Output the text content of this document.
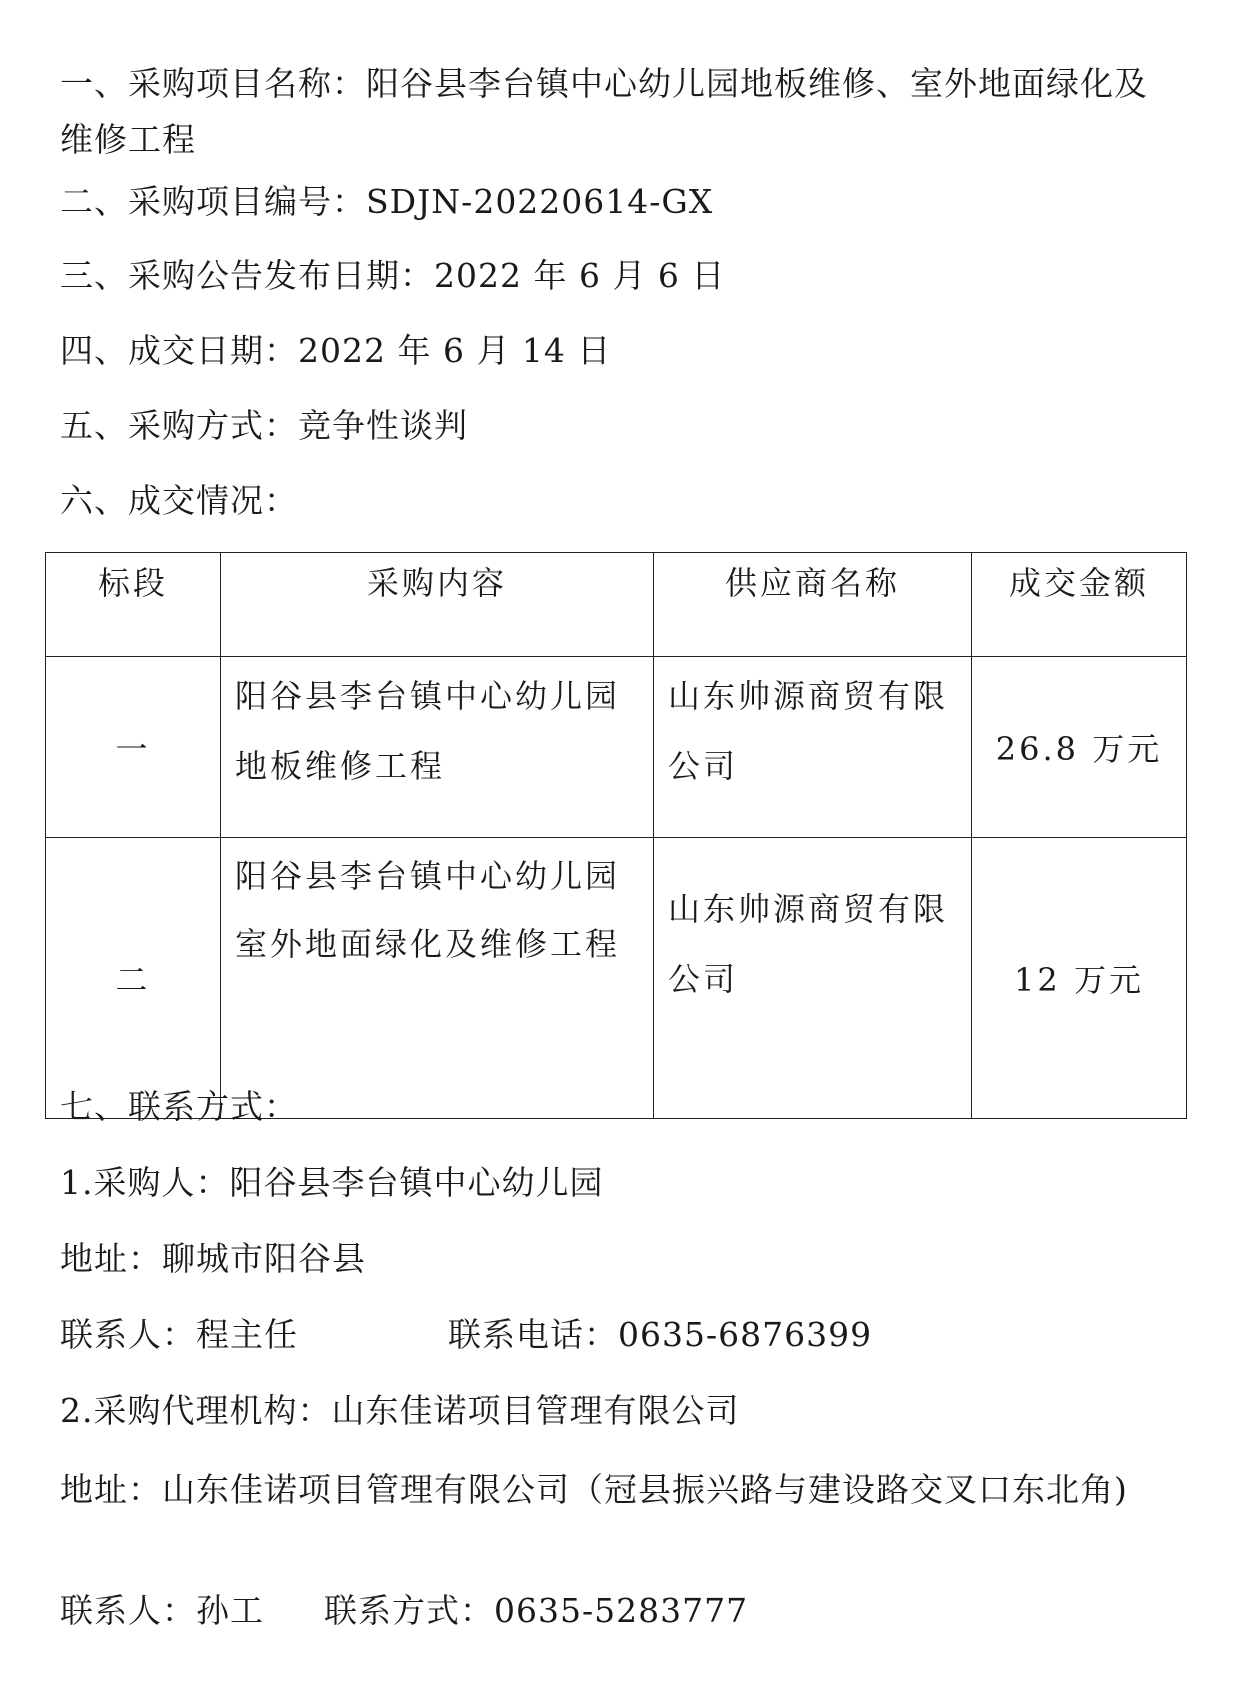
一、采购项目名称：阳谷县李台镇中心幼儿园地板维修、室外地面绿化及维修工程
二、采购项目编号：SDJN-20220614-GX
三、采购公告发布日期：2022 年 6 月 6 日
四、成交日期：2022 年 6 月 14 日
五、采购方式：竞争性谈判
六、成交情况：
标段	采购内容	供应商名称	成交金额
一	阳谷县李台镇中心幼儿园地板维修工程	山东帅源商贸有限公司	26.8 万元
二	阳谷县李台镇中心幼儿园室外地面绿化及维修工程	山东帅源商贸有限公司	12 万元
七、联系方式：
1.采购人：阳谷县李台镇中心幼儿园
地址：聊城市阳谷县
联系人：程主任	联系电话：0635-6876399
2.采购代理机构：山东佳诺项目管理有限公司
地址：山东佳诺项目管理有限公司（冠县振兴路与建设路交叉口东北角)
联系人：孙工 联系方式：0635-5283777
